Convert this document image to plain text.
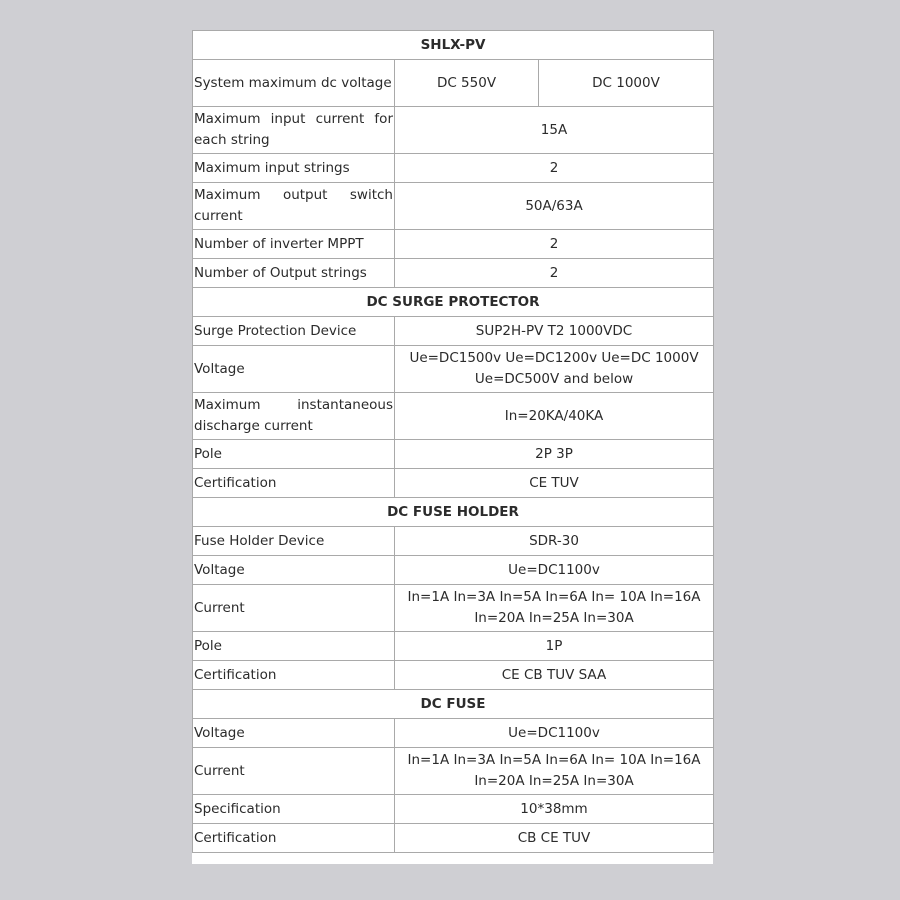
SHLX-PV		
System maximum dc voltage	DC 550V	DC 1000V
Maximum input current for each string	15A	
Maximum input strings	2	
Maximum output switch current	50A/63A	
Number of inverter MPPT	2	
Number of Output strings	2	
DC SURGE PROTECTOR		
Surge Protection Device	SUP2H-PV T2 1000VDC	
Voltage	Ue=DC1500v Ue=DC1200v Ue=DC 1000V Ue=DC500V and below	
Maximum instantaneous discharge current	In=20KA/40KA	
Pole	2P 3P	
Certification	CE TUV	
DC FUSE HOLDER		
Fuse Holder Device	SDR-30	
Voltage	Ue=DC1100v	
Current	In=1A In=3A In=5A In=6A In= 10A In=16A In=20A In=25A In=30A	
Pole	1P	
Certification	CE CB TUV SAA	
DC FUSE		
Voltage	Ue=DC1100v	
Current	In=1A In=3A In=5A In=6A In= 10A In=16A In=20A In=25A In=30A	
Specification	10*38mm	
Certification	CB CE TUV	
